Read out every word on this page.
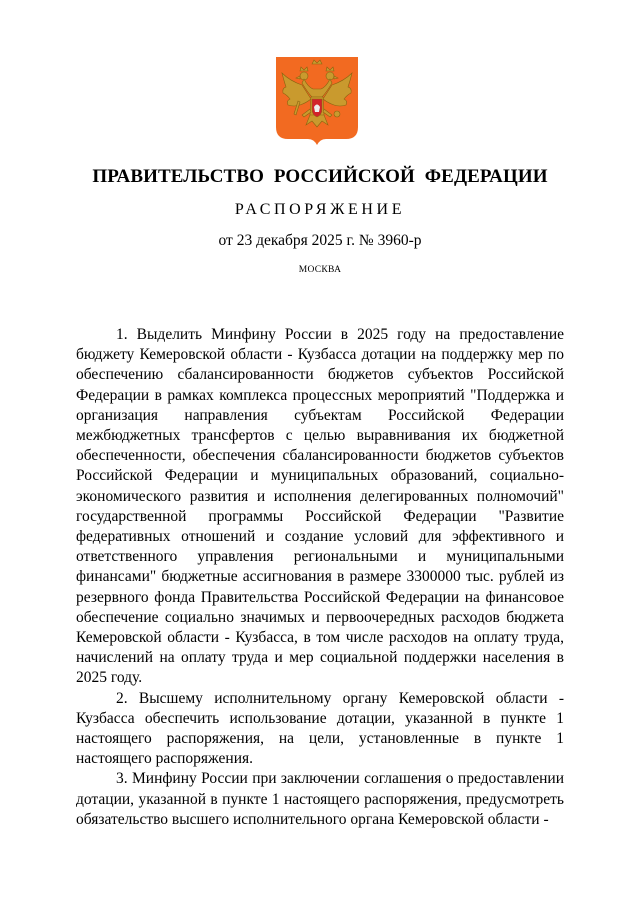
ПРАВИТЕЛЬСТВО РОССИЙСКОЙ ФЕДЕРАЦИИ
РАСПОРЯЖЕНИЕ
от 23 декабря 2025 г. № 3960-р
МОСКВА

1. Выделить Минфину России в 2025 году на предоставление бюджету Кемеровской области - Кузбасса дотации на поддержку мер по обеспечению сбалансированности бюджетов субъектов Российской Федерации в рамках комплекса процессных мероприятий "Поддержка и организация направления субъектам Российской Федерации межбюджетных трансфертов с целью выравнивания их бюджетной обеспеченности, обеспечения сбалансированности бюджетов субъектов Российской Федерации и муниципальных образований, социально-экономического развития и исполнения делегированных полномочий" государственной программы Российской Федерации "Развитие федеративных отношений и создание условий для эффективного и ответственного управления региональными и муниципальными финансами" бюджетные ассигнования в размере 3300000 тыс. рублей из резервного фонда Правительства Российской Федерации на финансовое обеспечение социально значимых и первоочередных расходов бюджета Кемеровской области - Кузбасса, в том числе расходов на оплату труда, начислений на оплату труда и мер социальной поддержки населения в 2025 году.

2. Высшему исполнительному органу Кемеровской области - Кузбасса обеспечить использование дотации, указанной в пункте 1 настоящего распоряжения, на цели, установленные в пункте 1 настоящего распоряжения.

3. Минфину России при заключении соглашения о предоставлении дотации, указанной в пункте 1 настоящего распоряжения, предусмотреть обязательство высшего исполнительного органа Кемеровской области -
